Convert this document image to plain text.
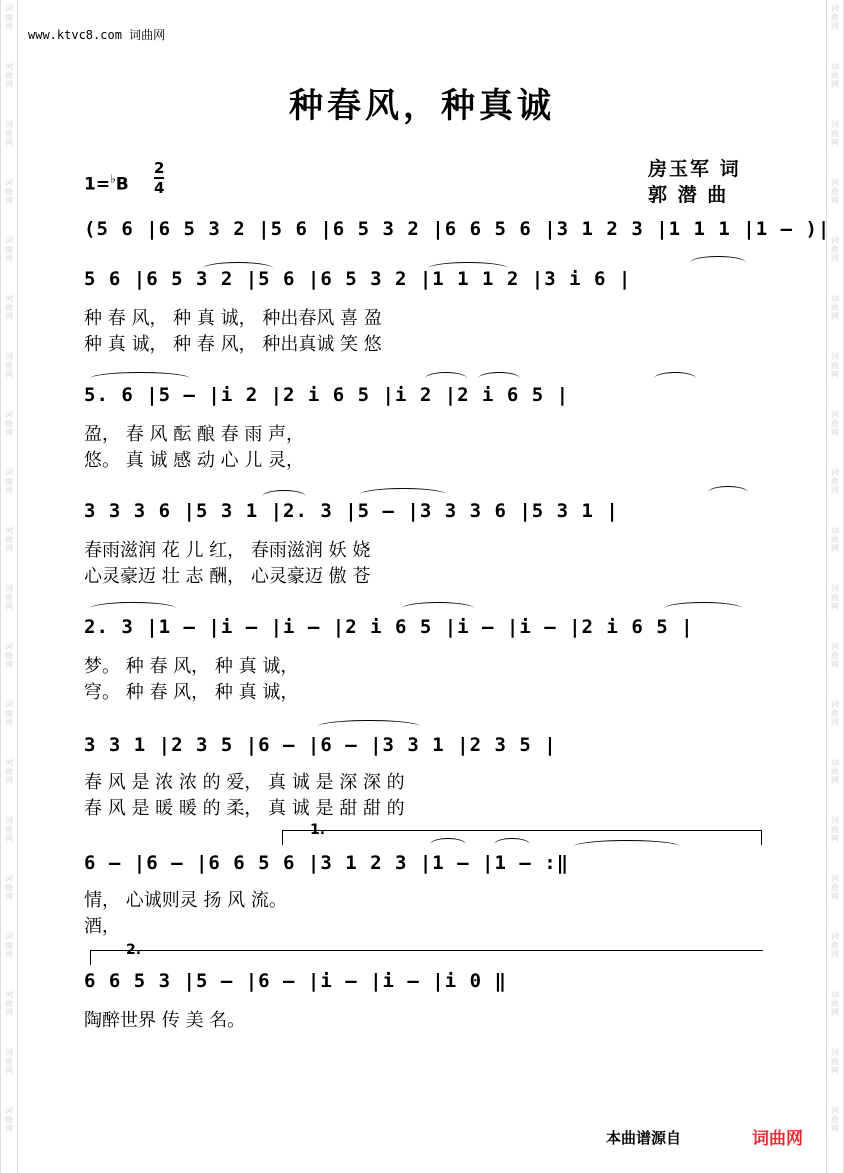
词
曲
网
词
曲
网
词
曲
网
词
曲
网
词
曲
网
词
曲
网
词
曲
网
词
曲
网
词
曲
网
词
曲
网
词
曲
网
词
曲
网
词
曲
网
词
曲
网
词
曲
网
词
曲
网
词
曲
网
词
曲
网
词
曲
网
词
曲
网
词
曲
网
词
曲
网
词
曲
网
词
曲
网
词
曲
网
词
曲
网
词
曲
网
词
曲
网
词
曲
网
词
曲
网
词
曲
网
词
曲
网
词
曲
网
词
曲
网
词
曲
网
词
曲
网
词
曲
网
词
曲
网
词
曲
网
词
曲
网
www.ktvc8.com 词曲网
种春风，种真诚
1=♭B
2
4
房玉军 词
郭 潜 曲
(5 6 |6 5 3 2 |5 6 |6 5 3 2 |6 6 5 6 |3 1 2 3 |1 1 1 |1 – )|
5 6 |6 5 3 2 |5 6 |6 5 3 2 |1 1 1 2 |3 i 6 |
种 春 风， 种 真 诚， 种出春风 喜 盈
种 真 诚， 种 春 风， 种出真诚 笑 悠
5. 6 |5 – |i 2 |2 i 6 5 |i 2 |2 i 6 5 |
盈， 春 风 酝 酿 春 雨 声，
悠。 真 诚 感 动 心 儿 灵，
3 3 3 6 |5 3 1 |2. 3 |5 – |3 3 3 6 |5 3 1 |
春雨滋润 花 儿 红， 春雨滋润 妖 娆
心灵豪迈 壮 志 酬， 心灵豪迈 傲 苍
2. 3 |1 – |i – |i – |2 i 6 5 |i – |i – |2 i 6 5 |
梦。 种 春 风， 种 真 诚，
穹。 种 春 风， 种 真 诚，
3 3 1 |2 3 5 |6 – |6 – |3 3 1 |2 3 5 |
春 风 是 浓 浓 的 爱， 真 诚 是 深 深 的
春 风 是 暖 暖 的 柔， 真 诚 是 甜 甜 的
1.
6 – |6 – |6 6 5 6 |3 1 2 3 |1 – |1 – :‖
情， 心诚则灵 扬 风 流。
酒，
2.
6 6 5 3 |5 – |6 – |i – |i – |i 0 ‖
陶醉世界 传 美 名。
本曲谱源自	词曲网
